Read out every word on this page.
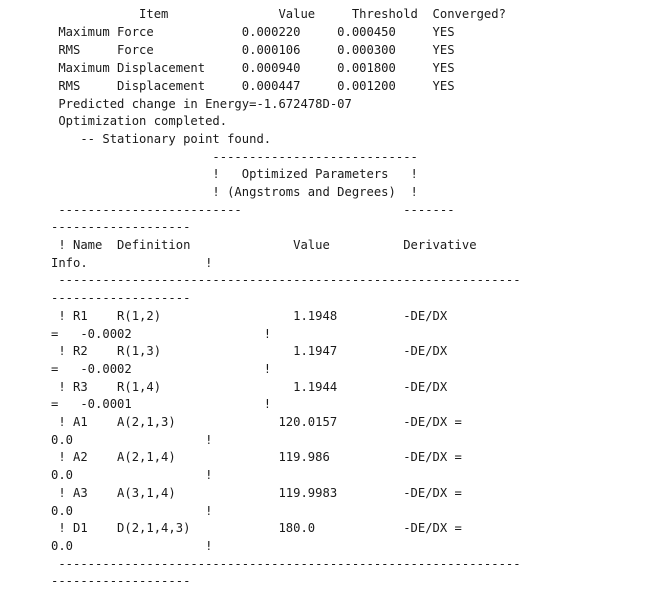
Item               Value     Threshold  Converged?
Maximum Force            0.000220     0.000450     YES
RMS     Force            0.000106     0.000300     YES
Maximum Displacement     0.000940     0.001800     YES
RMS     Displacement     0.000447     0.001200     YES
Predicted change in Energy=-1.672478D-07
Optimization completed.
-- Stationary point found.
----------------------------
!   Optimized Parameters   !
! (Angstroms and Degrees)  !
-------------------------                      -------
-------------------
! Name  Definition              Value          Derivative
Info.                !
---------------------------------------------------------------
-------------------
! R1    R(1,2)                  1.1948         -DE/DX
=   -0.0002                  !
! R2    R(1,3)                  1.1947         -DE/DX
=   -0.0002                  !
! R3    R(1,4)                  1.1944         -DE/DX
=   -0.0001                  !
! A1    A(2,1,3)              120.0157         -DE/DX =
0.0                  !
! A2    A(2,1,4)              119.986          -DE/DX =
0.0                  !
! A3    A(3,1,4)              119.9983         -DE/DX =
0.0                  !
! D1    D(2,1,4,3)            180.0            -DE/DX =
0.0                  !
---------------------------------------------------------------
-------------------
